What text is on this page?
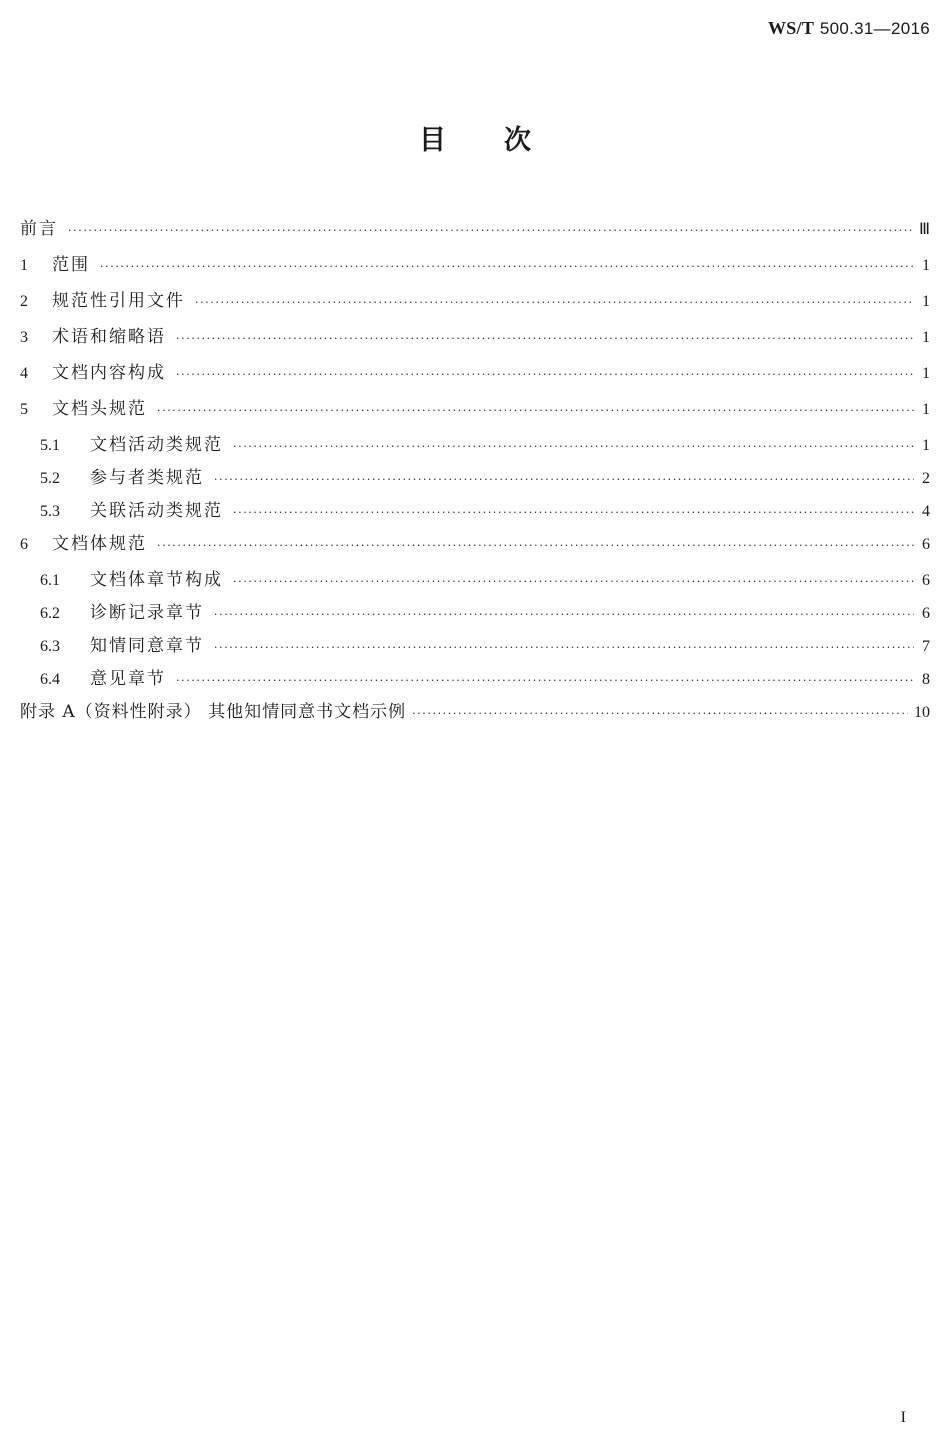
WS/T 500.31—2016
目 次
前言 ·····	Ⅲ
1	范围 ·····	1
2	规范性引用文件 ·····	1
3	术语和缩略语 ·····	1
4	文档内容构成 ·····	1
5	文档头规范 ·····	1
5.1	文档活动类规范 ·····	1
5.2	参与者类规范 ·····	2
5.3	关联活动类规范 ·····	4
6	文档体规范 ·····	6
6.1	文档体章节构成 ·····	6
6.2	诊断记录章节 ·····	6
6.3	知情同意章节 ·····	7
6.4	意见章节 ·····	8
附录 A（资料性附录） 其他知情同意书文档示例 ·····	10
I
